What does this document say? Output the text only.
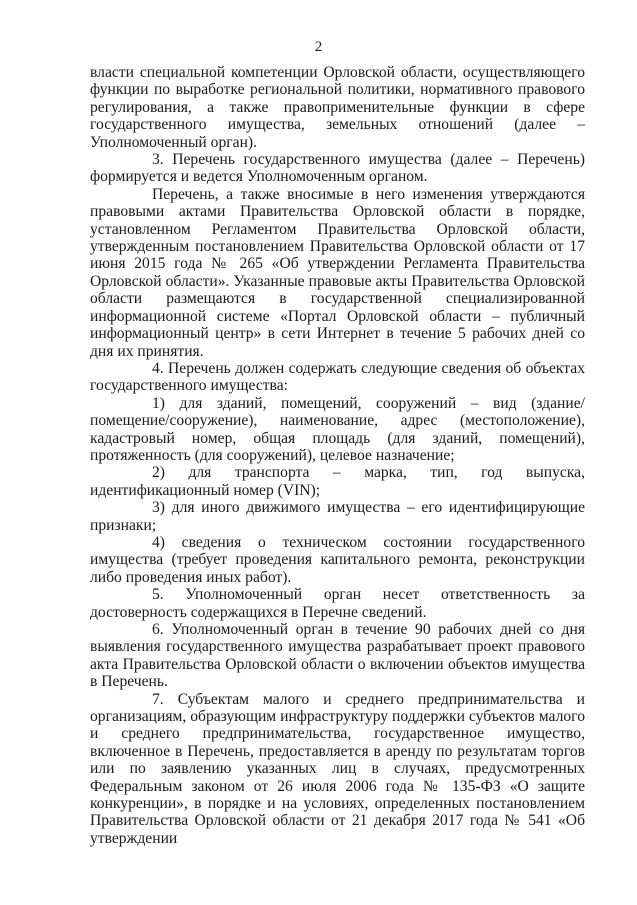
2

власти специальной компетенции Орловской области, осуществляющего функции по выработке региональной политики, нормативного правового регулирования, а также правоприменительные функции в сфере государственного имущества, земельных отношений (далее – Уполномоченный орган).

3. Перечень государственного имущества (далее – Перечень) формируется и ведется Уполномоченным органом.

Перечень, а также вносимые в него изменения утверждаются правовыми актами Правительства Орловской области в порядке, установленном Регламентом Правительства Орловской области, утвержденным постановлением Правительства Орловской области от 17 июня 2015 года № 265 «Об утверждении Регламента Правительства Орловской области». Указанные правовые акты Правительства Орловской области размещаются в государственной специализированной информационной системе «Портал Орловской области – публичный информационный центр» в сети Интернет в течение 5 рабочих дней со дня их принятия.

4. Перечень должен содержать следующие сведения об объектах государственного имущества:

1) для зданий, помещений, сооружений – вид (здание/помещение/сооружение), наименование, адрес (местоположение), кадастровый номер, общая площадь (для зданий, помещений), протяженность (для сооружений), целевое назначение;

2) для транспорта – марка, тип, год выпуска, идентификационный номер (VIN);

3) для иного движимого имущества – его идентифицирующие признаки;

4) сведения о техническом состоянии государственного имущества (требует проведения капитального ремонта, реконструкции либо проведения иных работ).

5. Уполномоченный орган несет ответственность за достоверность содержащихся в Перечне сведений.

6. Уполномоченный орган в течение 90 рабочих дней со дня выявления государственного имущества разрабатывает проект правового акта Правительства Орловской области о включении объектов имущества в Перечень.

7. Субъектам малого и среднего предпринимательства и организациям, образующим инфраструктуру поддержки субъектов малого и среднего предпринимательства, государственное имущество, включенное в Перечень, предоставляется в аренду по результатам торгов или по заявлению указанных лиц в случаях, предусмотренных Федеральным законом от 26 июля 2006 года № 135-ФЗ «О защите конкуренции», в порядке и на условиях, определенных постановлением Правительства Орловской области от 21 декабря 2017 года № 541 «Об утверждении
